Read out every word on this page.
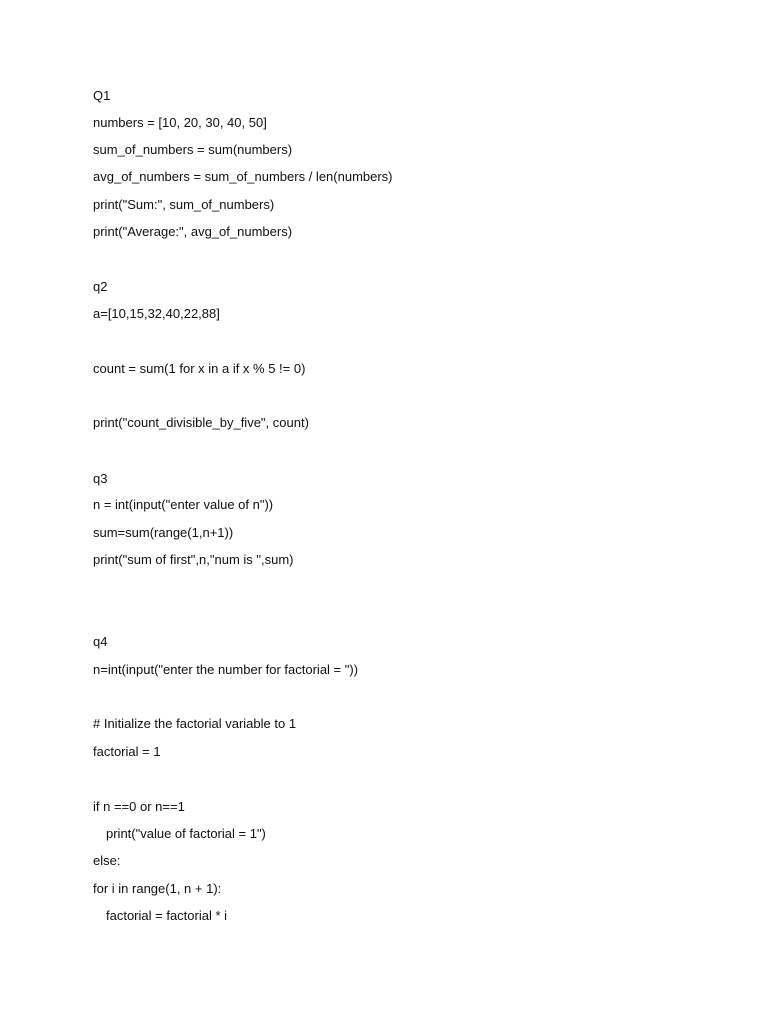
Q1
numbers = [10, 20, 30, 40, 50]
sum_of_numbers = sum(numbers)
avg_of_numbers = sum_of_numbers / len(numbers)
print("Sum:", sum_of_numbers)
print("Average:", avg_of_numbers)
q2
a=[10,15,32,40,22,88]
count = sum(1 for x in a if x % 5 != 0)
print("count_divisible_by_five", count)
q3
n = int(input("enter value of n"))
sum=sum(range(1,n+1))
print("sum of first",n,"num is ",sum)
q4
n=int(input("enter the number for factorial = "))
# Initialize the factorial variable to 1
factorial = 1
if n ==0 or n==1
print("value of factorial = 1")
else:
for i in range(1, n + 1):
factorial = factorial * i
